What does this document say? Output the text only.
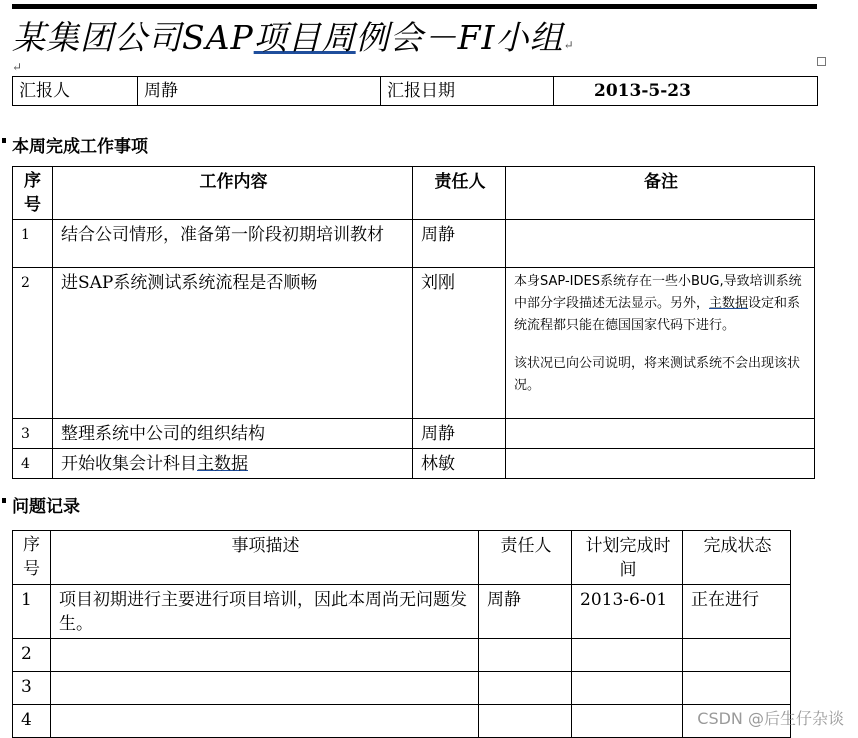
某集团公司SAP项目周例会－FI小组↵
↵
汇报人	周静	汇报日期	2013-5-23
本周完成工作事项
序号	工作内容	责任人	备注
1	结合公司情形，准备第一阶段初期培训教材	周静	
2	进SAP系统测试系统流程是否顺畅	刘刚	本身SAP-IDES系统存在一些小BUG,导致培训系统中部分字段描述无法显示。另外，主数据设定和系统流程都只能在德国国家代码下进行。
该状况已向公司说明，将来测试系统不会出现该状况。

3	整理系统中公司的组织结构	周静	
4	开始收集会计科目主数据	林敏	
问题记录
序号	事项描述	责任人	计划完成时间	完成状态
1	项目初期进行主要进行项目培训，因此本周尚无问题发生。	周静	2013-6-01	正在进行
2				
3				
4					CSDN @后生仔杂谈
